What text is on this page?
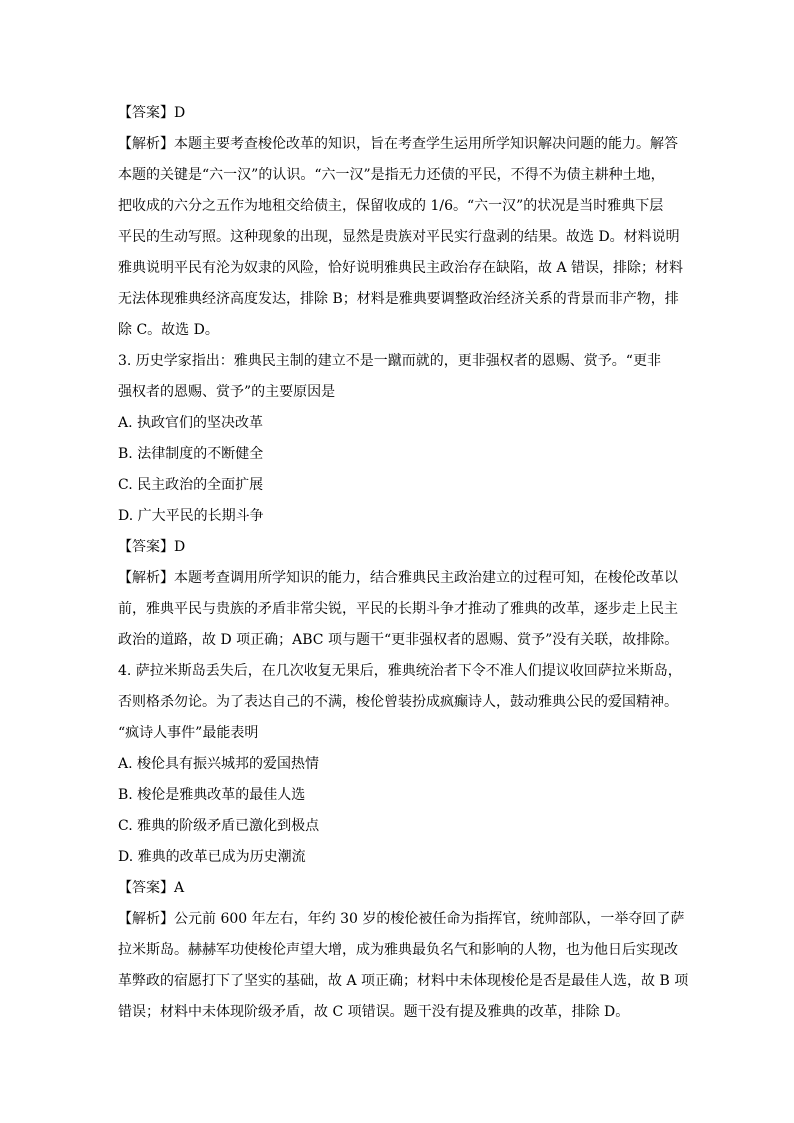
【答案】D
【解析】本题主要考查梭伦改革的知识，旨在考查学生运用所学知识解决问题的能力。解答
本题的关键是“六一汉”的认识。“六一汉”是指无力还债的平民，不得不为债主耕种土地，
把收成的六分之五作为地租交给债主，保留收成的 1/6。“六一汉”的状况是当时雅典下层
平民的生动写照。这种现象的出现，显然是贵族对平民实行盘剥的结果。故选 D。材料说明
雅典说明平民有沦为奴隶的风险，恰好说明雅典民主政治存在缺陷，故 A 错误，排除；材料
无法体现雅典经济高度发达，排除 B；材料是雅典要调整政治经济关系的背景而非产物，排
除 C。故选 D。
3. 历史学家指出：雅典民主制的建立不是一蹴而就的，更非强权者的恩赐、赏予。“更非
强权者的恩赐、赏予”的主要原因是
A. 执政官们的坚决改革
B. 法律制度的不断健全
C. 民主政治的全面扩展
D. 广大平民的长期斗争
【答案】D
【解析】本题考查调用所学知识的能力，结合雅典民主政治建立的过程可知，在梭伦改革以
前，雅典平民与贵族的矛盾非常尖锐，平民的长期斗争才推动了雅典的改革，逐步走上民主
政治的道路，故 D 项正确；ABC 项与题干“更非强权者的恩赐、赏予”没有关联，故排除。
4. 萨拉米斯岛丢失后，在几次收复无果后，雅典统治者下令不准人们提议收回萨拉米斯岛，
否则格杀勿论。为了表达自己的不满，梭伦曾装扮成疯癫诗人，鼓动雅典公民的爱国精神。
“疯诗人事件”最能表明
A. 梭伦具有振兴城邦的爱国热情
B. 梭伦是雅典改革的最佳人选
C. 雅典的阶级矛盾已激化到极点
D. 雅典的改革已成为历史潮流
【答案】A
【解析】公元前 600 年左右，年约 30 岁的梭伦被任命为指挥官，统帅部队，一举夺回了萨
拉米斯岛。赫赫军功使梭伦声望大增，成为雅典最负名气和影响的人物，也为他日后实现改
革弊政的宿愿打下了坚实的基础，故 A 项正确；材料中未体现梭伦是否是最佳人选，故 B 项
错误；材料中未体现阶级矛盾，故 C 项错误。题干没有提及雅典的改革，排除 D。
